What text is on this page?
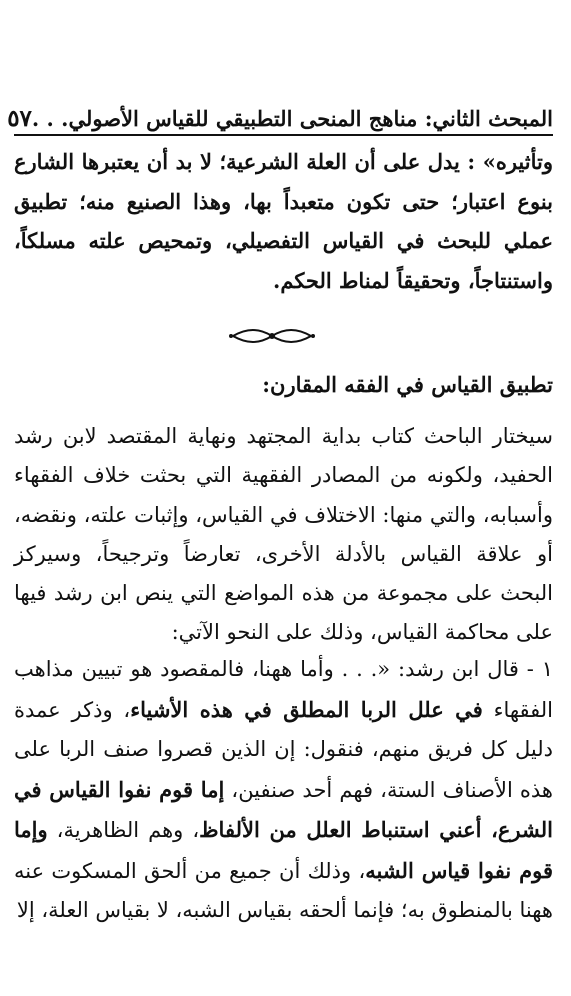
المبحث الثاني: مناهج المنحى التطبيقي للقياس الأصولي. . .
٥٧

وتأثيره» : يدل على أن العلة الشرعية؛ لا بد أن يعتبرها الشارع بنوع اعتبار؛ حتى تكون متعبداً بها، وهذا الصنيع منه؛ تطبيق عملي للبحث في القياس التفصيلي، وتمحيص علته مسلكاً، واستنتاجاً، وتحقيقاً لمناط الحكم.

تطبيق القياس في الفقه المقارن:

سيختار الباحث كتاب بداية المجتهد ونهاية المقتصد لابن رشد الحفيد، ولكونه من المصادر الفقهية التي بحثت خلاف الفقهاء وأسبابه، والتي منها: الاختلاف في القياس، وإثبات علته، ونقضه، أو علاقة القياس بالأدلة الأخرى، تعارضاً وترجيحاً، وسيركز البحث على مجموعة من هذه المواضع التي ينص ابن رشد فيها على محاكمة القياس، وذلك على النحو الآتي:

١ - قال ابن رشد: «. . . وأما ههنا، فالمقصود هو تبيين مذاهب الفقهاء في علل الربا المطلق في هذه الأشياء، وذكر عمدة دليل كل فريق منهم، فنقول: إن الذين قصروا صنف الربا على هذه الأصناف الستة، فهم أحد صنفين، إما قوم نفوا القياس في الشرع، أعني استنباط العلل من الألفاظ، وهم الظاهرية، وإما قوم نفوا قياس الشبه، وذلك أن جميع من ألحق المسكوت عنه ههنا بالمنطوق به؛ فإنما ألحقه بقياس الشبه، لا بقياس العلة، إلا
